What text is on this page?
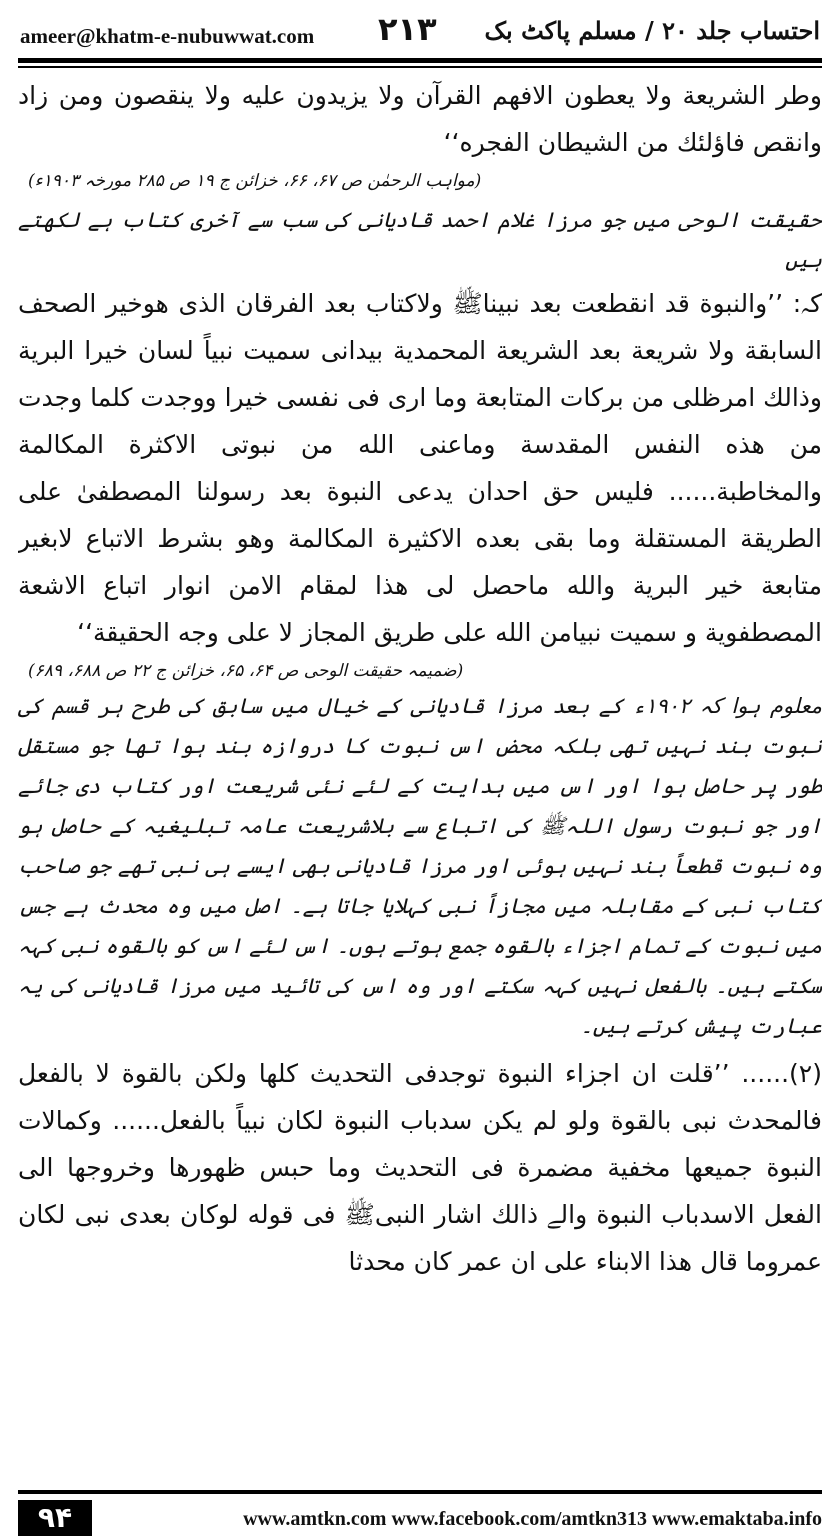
ameer@khatm-e-nubuwwat.com ۲۱۳ احتساب جلد ۲۰ / مسلم پاکٹ بک

وطر الشريعة ولا يعطون الافهم القرآن ولا يزيدون عليه ولا ينقصون ومن زاد وانقص فاؤلئك من الشيطان الفجره‘‘

(مواہب الرحمٰن ص ۶۷، ۶۶، خزائن ج ۱۹ ص ۲۸۵ مورخہ ۱۹۰۳ء)

حقیقت الوحی میں جو مرزا غلام احمد قادیانی کی سب سے آخری کتاب ہے لکھتے ہیں

کہ: ’’والنبوة قد انقطعت بعد نبيناﷺ ولاكتاب بعد الفرقان الذى هوخير الصحف السابقة ولا شريعة بعد الشريعة المحمدية بيدانى سميت نبياً لسان خيرا البرية وذالك امرظلى من بركات المتابعة وما ارى فى نفسى خيرا ووجدت كلما وجدت من هذه النفس المقدسة وماعنى الله من نبوتى الاكثرة المكالمة والمخاطبة...... فليس حق احدان يدعى النبوة بعد رسولنا المصطفىٰ على الطريقة المستقلة وما بقى بعده الاكثيرة المكالمة وهو بشرط الاتباع لابغير متابعة خير البرية والله ماحصل لى هذا لمقام الامن انوار اتباع الاشعة المصطفوية و سميت نبيامن الله على طريق المجاز لا على وجه الحقيقة‘‘

(ضمیمہ حقیقت الوحی ص ۶۴، ۶۵، خزائن ج ۲۲ ص ۶۸۸، ۶۸۹)

معلوم ہوا کہ ۱۹۰۲ء کے بعد مرزا قادیانی کے خیال میں سابق کی طرح ہر قسم کی نبوت بند نہیں تھی بلکہ محض اس نبوت کا دروازہ بند ہوا تھا جو مستقل طور پر حاصل ہوا اور اس میں ہدایت کے لئے نئی شریعت اور کتاب دی جائے اور جو نبوت رسول اللہﷺ کی اتباع سے بلاشریعت عامہ تبلیغیہ کے حاصل ہو وہ نبوت قطعاً بند نہیں ہوئی اور مرزا قادیانی بھی ایسے ہی نبی تھے جو صاحب کتاب نبی کے مقابلہ میں مجازاً نبی کہلایا جاتا ہے۔ اصل میں وہ محدث ہے جس میں نبوت کے تمام اجزاء بالقوہ جمع ہوتے ہوں۔ اس لئے اس کو بالقوہ نبی کہہ سکتے ہیں۔ بالفعل نہیں کہہ سکتے اور وہ اس کی تائید میں مرزا قادیانی کی یہ عبارت پیش کرتے ہیں۔

(۲)...... ’’قلت ان اجزاء النبوة توجدفى التحديث كلها ولكن بالقوة لا بالفعل فالمحدث نبى بالقوة ولو لم يكن سدباب النبوة لكان نبياً بالفعل...... وكمالات النبوة جميعها مخفية مضمرة فى التحديث وما حبس ظهورها وخروجها الى الفعل الاسدباب النبوة والے ذالك اشار النبىﷺ فى قوله لوكان بعدى نبى لكان عمروما قال هذا الابناء على ان عمر كان محدثا

۹۴	www.amtkn.com www.facebook.com/amtkn313 www.emaktaba.info
